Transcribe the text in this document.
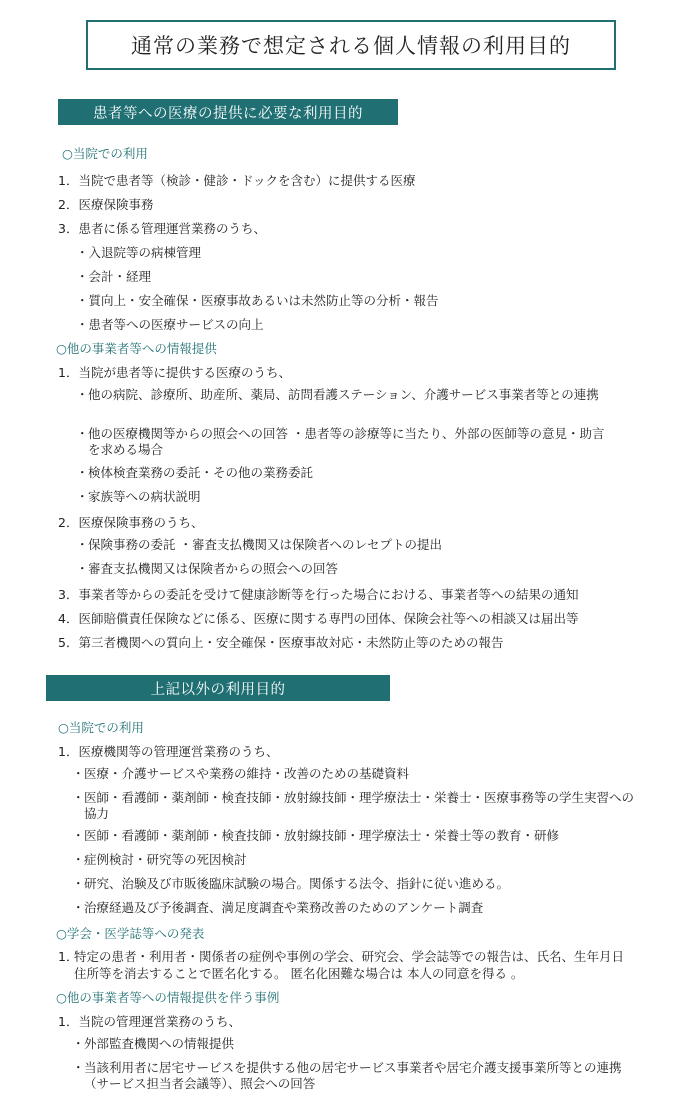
通常の業務で想定される個人情報の利用目的
患者等への医療の提供に必要な利用目的
○当院での利用
1．当院で患者等（検診・健診・ドックを含む）に提供する医療
2．医療保険事務
3．患者に係る管理運営業務のうち、
・入退院等の病棟管理
・会計・経理
・質向上・安全確保・医療事故あるいは未然防止等の分析・報告
・患者等への医療サービスの向上
○他の事業者等への情報提供
1．当院が患者等に提供する医療のうち、
・ 他の病院、診療所、助産所、薬局、訪問看護ステーション、介護サービス事業者等との連携
・ 他の医療機関等からの照会への回答 ・患者等の診療等に当たり、外部の医師等の意見・助言を求める場合
・ 検体検査業務の委託・その他の業務委託
・ 家族等への病状説明
2．医療保険事務のうち、
・ 保険事務の委託 ・審査支払機関又は保険者へのレセプトの提出
・ 審査支払機関又は保険者からの照会への回答
3．事業者等からの委託を受けて健康診断等を行った場合における、事業者等への結果の通知
4．医師賠償責任保険などに係る、医療に関する専門の団体、保険会社等への相談又は届出等
5．第三者機関への質向上・安全確保・医療事故対応・未然防止等のための報告
上記以外の利用目的
○当院での利用
1．医療機関等の管理運営業務のうち、
・ 医療・介護サービスや業務の維持・改善のための基礎資料
・ 医師・看護師・薬剤師・検査技師・放射線技師・理学療法士・栄養士・医療事務等の学生実習への協力
・ 医師・看護師・薬剤師・検査技師・放射線技師・理学療法士・栄養士等の教育・研修
・ 症例検討・研究等の死因検討
・ 研究、治験及び市販後臨床試験の場合。関係する法令、指針に従い進める。
・ 治療経過及び予後調査、満足度調査や業務改善のためのアンケート調査
○学会・医学誌等への発表
1．
特定の患者・利用者・関係者の症例や事例の学会、研究会、学会誌等での報告は、氏名、生年月日 住所等を消去することで匿名化する。 匿名化困難な場合は 本人の同意を得る 。
○他の事業者等への情報提供を伴う事例
1．当院の管理運営業務のうち、
・ 外部監査機関への情報提供
・ 当該利用者に居宅サービスを提供する他の居宅サービス事業者や居宅介護支援事業所等との連携（サービス担当者会議等）、照会への回答
